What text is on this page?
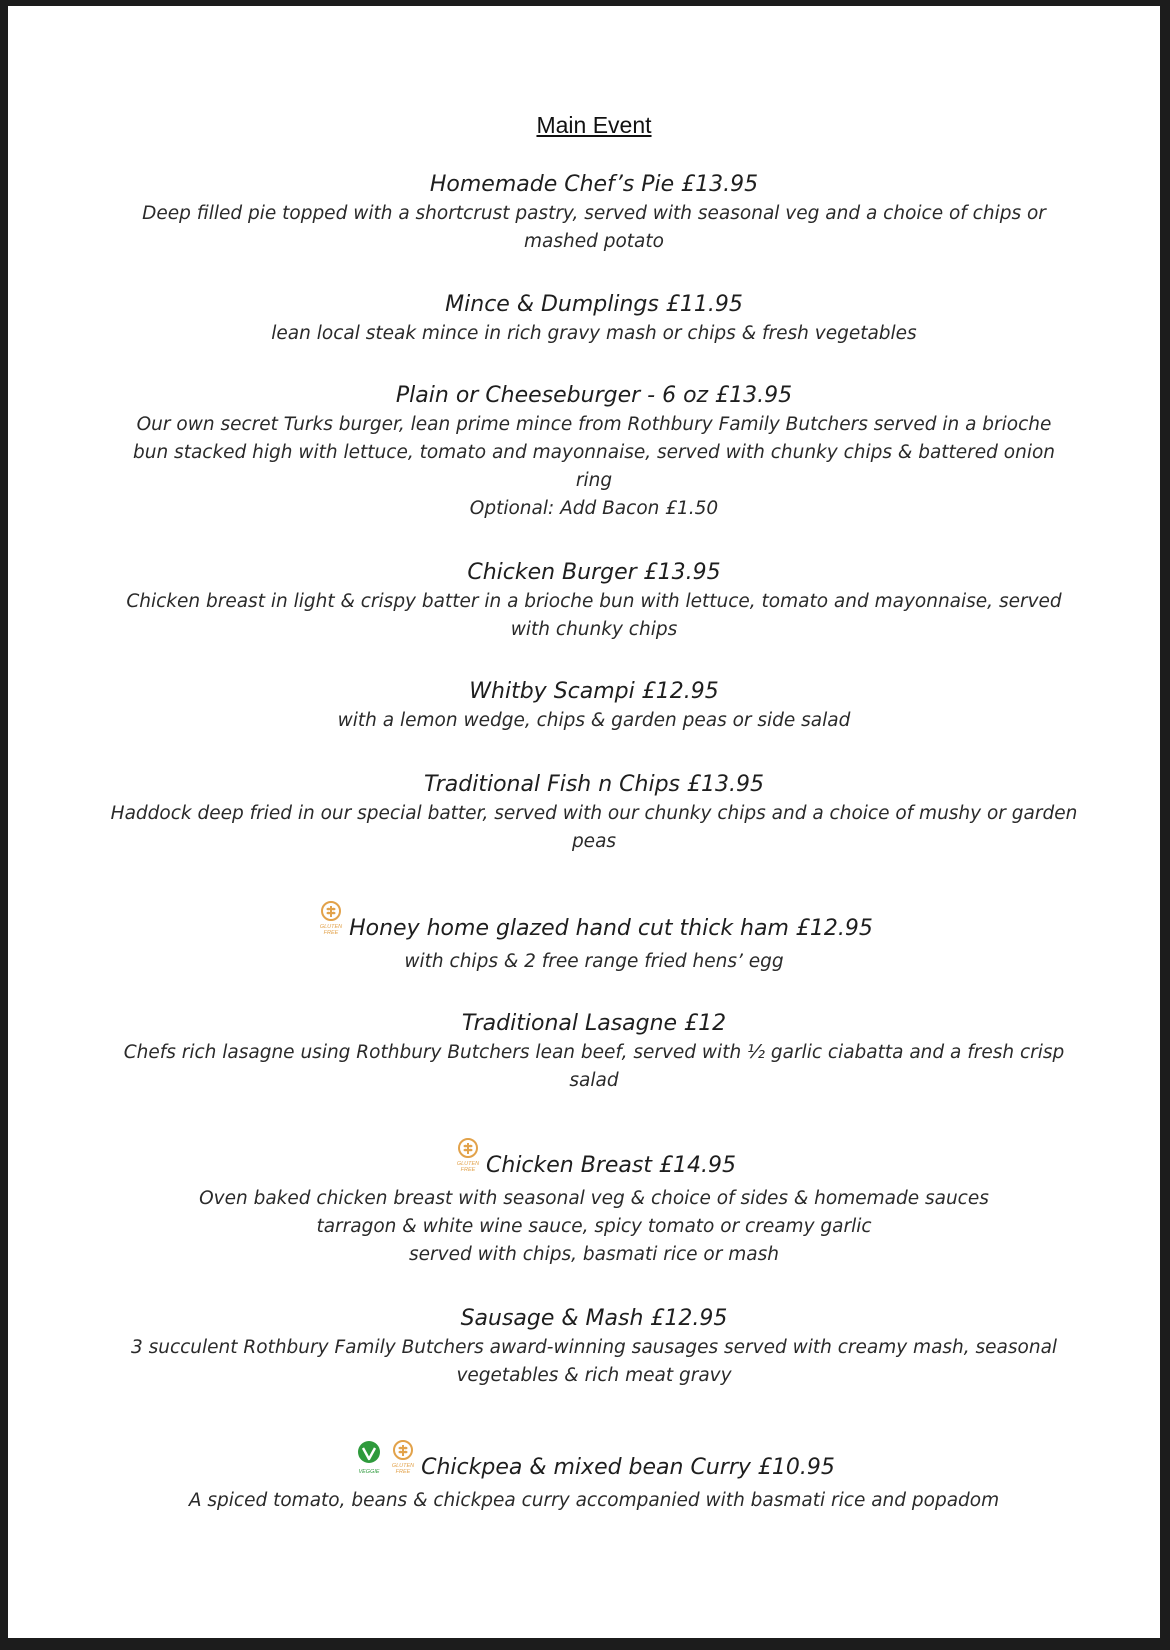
Main Event
Homemade Chef’s Pie £13.95
Deep filled pie topped with a shortcrust pastry, served with seasonal veg and a choice of chips or
mashed potato
Mince & Dumplings £11.95
lean local steak mince in rich gravy mash or chips & fresh vegetables
Plain or Cheeseburger - 6 oz £13.95
Our own secret Turks burger, lean prime mince from Rothbury Family Butchers served in a brioche
bun stacked high with lettuce, tomato and mayonnaise, served with chunky chips & battered onion
ring
Optional: Add Bacon £1.50
Chicken Burger £13.95
Chicken breast in light & crispy batter in a brioche bun with lettuce, tomato and mayonnaise, served
with chunky chips
Whitby Scampi £12.95
with a lemon wedge, chips & garden peas or side salad
Traditional Fish n Chips £13.95
Haddock deep fried in our special batter, served with our chunky chips and a choice of mushy or garden
peas
GLUTEN
FREE Honey home glazed hand cut thick ham £12.95
with chips & 2 free range fried hens’ egg
Traditional Lasagne £12
Chefs rich lasagne using Rothbury Butchers lean beef, served with ½ garlic ciabatta and a fresh crisp
salad
GLUTEN
FREE Chicken Breast £14.95
Oven baked chicken breast with seasonal veg & choice of sides & homemade sauces
tarragon & white wine sauce, spicy tomato or creamy garlic
served with chips, basmati rice or mash
Sausage & Mash £12.95
3 succulent Rothbury Family Butchers award-winning sausages served with creamy mash, seasonal
vegetables & rich meat gravy
VEGGIE
GLUTEN
FREE Chickpea & mixed bean Curry £10.95
A spiced tomato, beans & chickpea curry accompanied with basmati rice and popadom
